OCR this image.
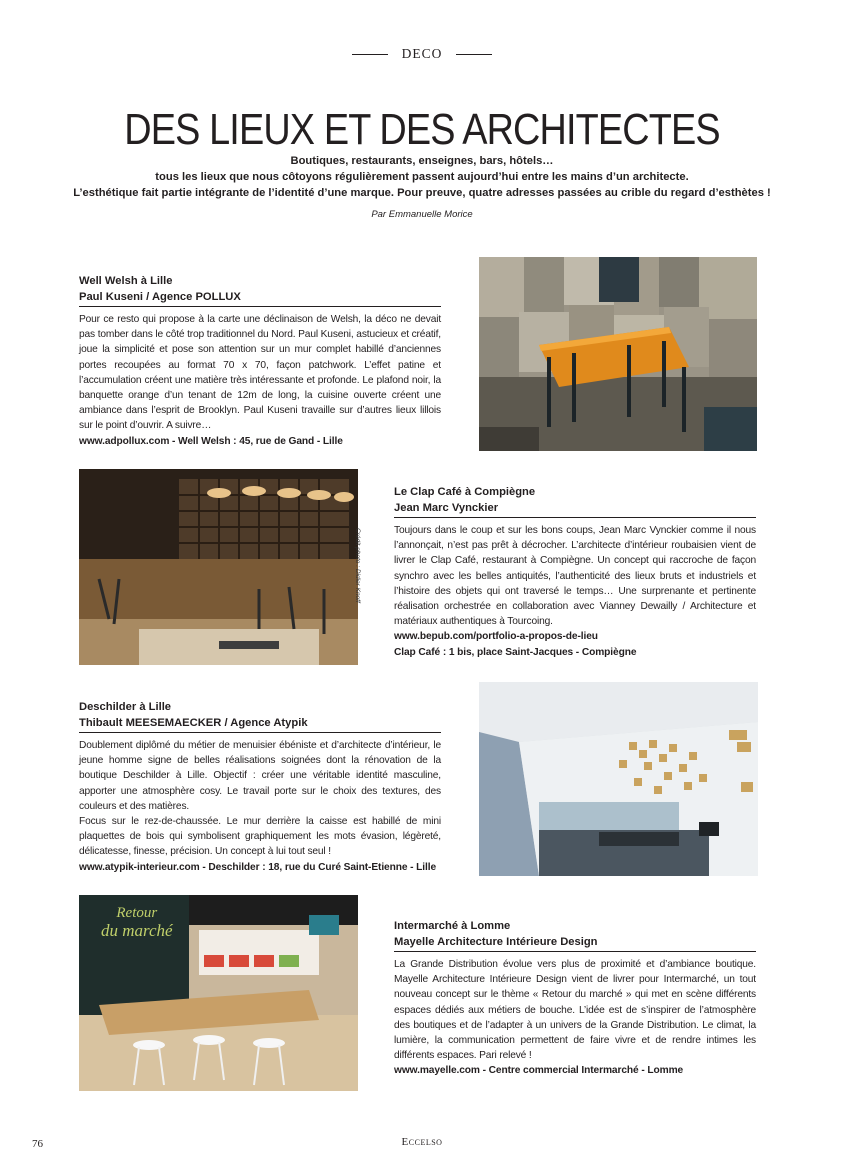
DECO
DES LIEUX ET DES ARCHITECTES
Boutiques, restaurants, enseignes, bars, hôtels…
tous les lieux que nous côtoyons régulièrement passent aujourd’hui entre les mains d’un architecte.
L’esthétique fait partie intégrante de l’identité d’une marque. Pour preuve, quatre adresses passées au crible du regard d’esthètes !
Par Emmanuelle Morice
Well Welsh à Lille
Paul Kuseni / Agence POLLUX
Pour ce resto qui propose à la carte une déclinaison de Welsh, la déco ne devait pas tomber dans le côté trop traditionnel du Nord. Paul Kuseni, astucieux et créatif, joue la simplicité et pose son attention sur un mur complet habillé d’anciennes portes recoupées au format 70 x 70, façon patchwork. L’effet patine et l’accumulation créent une matière très intéressante et profonde. Le plafond noir, la banquette orange d’un tenant de 12m de long, la cuisine ouverte créent une ambiance dans l’esprit de Brooklyn. Paul Kuseni travaille sur d’autres lieux lillois sur le point d’ouvrir. A suivre…
www.adpollux.com - Well Welsh : 45, rue de Gand - Lille
Crédit photo : Didier Knoff
Le Clap Café à Compiègne
Jean Marc Vynckier
Toujours dans le coup et sur les bons coups, Jean Marc Vynckier comme il nous l’annonçait, n’est pas prêt à décrocher. L’architecte d’intérieur roubaisien vient de livrer le Clap Café, restaurant à Compiègne. Un concept qui raccroche de façon synchro avec les belles antiquités, l’authenticité des lieux bruts et industriels et l’histoire des objets qui ont traversé le temps… Une surprenante et pertinente réalisation orchestrée en collaboration avec Vianney Dewailly / Architecture et matériaux authentiques à Tourcoing.
www.bepub.com/portfolio-a-propos-de-lieu
Clap Café : 1 bis, place Saint-Jacques - Compiègne
Deschilder à Lille
Thibault MEESEMAECKER / Agence Atypik
Doublement diplômé du métier de menuisier ébéniste et d’architecte d’intérieur, le jeune homme signe de belles réalisations soignées dont la rénovation de la boutique Deschilder à Lille. Objectif : créer une véritable identité masculine, apporter une atmosphère cosy. Le travail porte sur le choix des textures, des couleurs et des matières.
Focus sur le rez-de-chaussée. Le mur derrière la caisse est habillé de mini plaquettes de bois qui symbolisent graphiquement les mots évasion, légèreté, délicatesse, finesse, précision. Un concept à lui tout seul !
www.atypik-interieur.com - Deschilder : 18, rue du Curé Saint-Etienne - Lille
Retour
du marché	Intermarché à Lomme
Mayelle Architecture Intérieure Design
La Grande Distribution évolue vers plus de proximité et d’ambiance boutique. Mayelle Architecture Intérieure Design vient de livrer pour Intermarché, un tout nouveau concept sur le thème « Retour du marché » qui met en scène différents espaces dédiés aux métiers de bouche. L’idée est de s’inspirer de l’atmosphère des boutiques et de l’adapter à un univers de la Grande Distribution. Le climat, la lumière, la communication permettent de faire vivre et de rendre intimes les différents espaces. Pari relevé !
www.mayelle.com - Centre commercial Intermarché - Lomme
76	Eccelso
